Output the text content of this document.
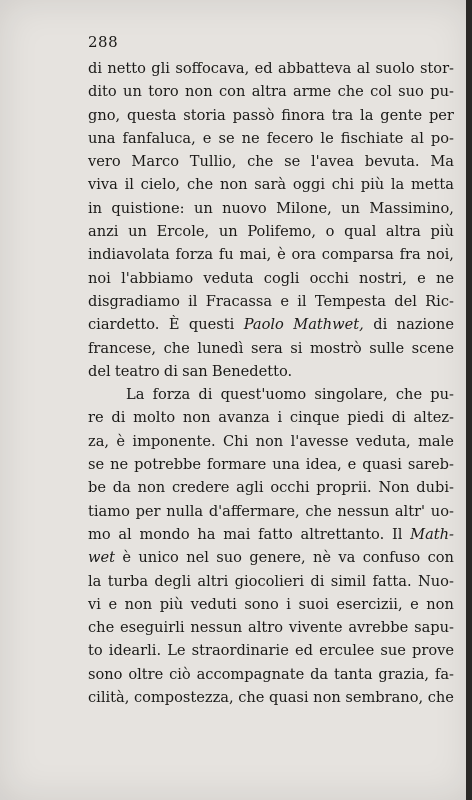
288
di netto gli soffocava, ed abbatteva al suolo stor-
dito un toro non con altra arme che col suo pu-
gno, questa storia passò finora tra la gente per
una fanfaluca, e se ne fecero le fischiate al po-
vero Marco Tullio, che se l'avea bevuta. Ma
viva il cielo, che non sarà oggi chi più la metta
in quistione: un nuovo Milone, un Massimino,
anzi un Ercole, un Polifemo, o qual altra più
indiavolata forza fu mai, è ora comparsa fra noi,
noi l'abbiamo veduta cogli occhi nostri, e ne
disgradiamo il Fracassa e il Tempesta del Ric-
ciardetto. È questi Paolo Mathwet, di nazione
francese, che lunedì sera si mostrò sulle scene
del teatro di san Benedetto.
La forza di quest'uomo singolare, che pu-
re di molto non avanza i cinque piedi di altez-
za, è imponente. Chi non l'avesse veduta, male
se ne potrebbe formare una idea, e quasi sareb-
be da non credere agli occhi proprii. Non dubi-
tiamo per nulla d'affermare, che nessun altr' uo-
mo al mondo ha mai fatto altrettanto. Il Math-
wet è unico nel suo genere, nè va confuso con
la turba degli altri giocolieri di simil fatta. Nuo-
vi e non più veduti sono i suoi esercizii, e non
che eseguirli nessun altro vivente avrebbe sapu-
to idearli. Le straordinarie ed erculee sue prove
sono oltre ciò accompagnate da tanta grazia, fa-
cilità, compostezza, che quasi non sembrano, che
